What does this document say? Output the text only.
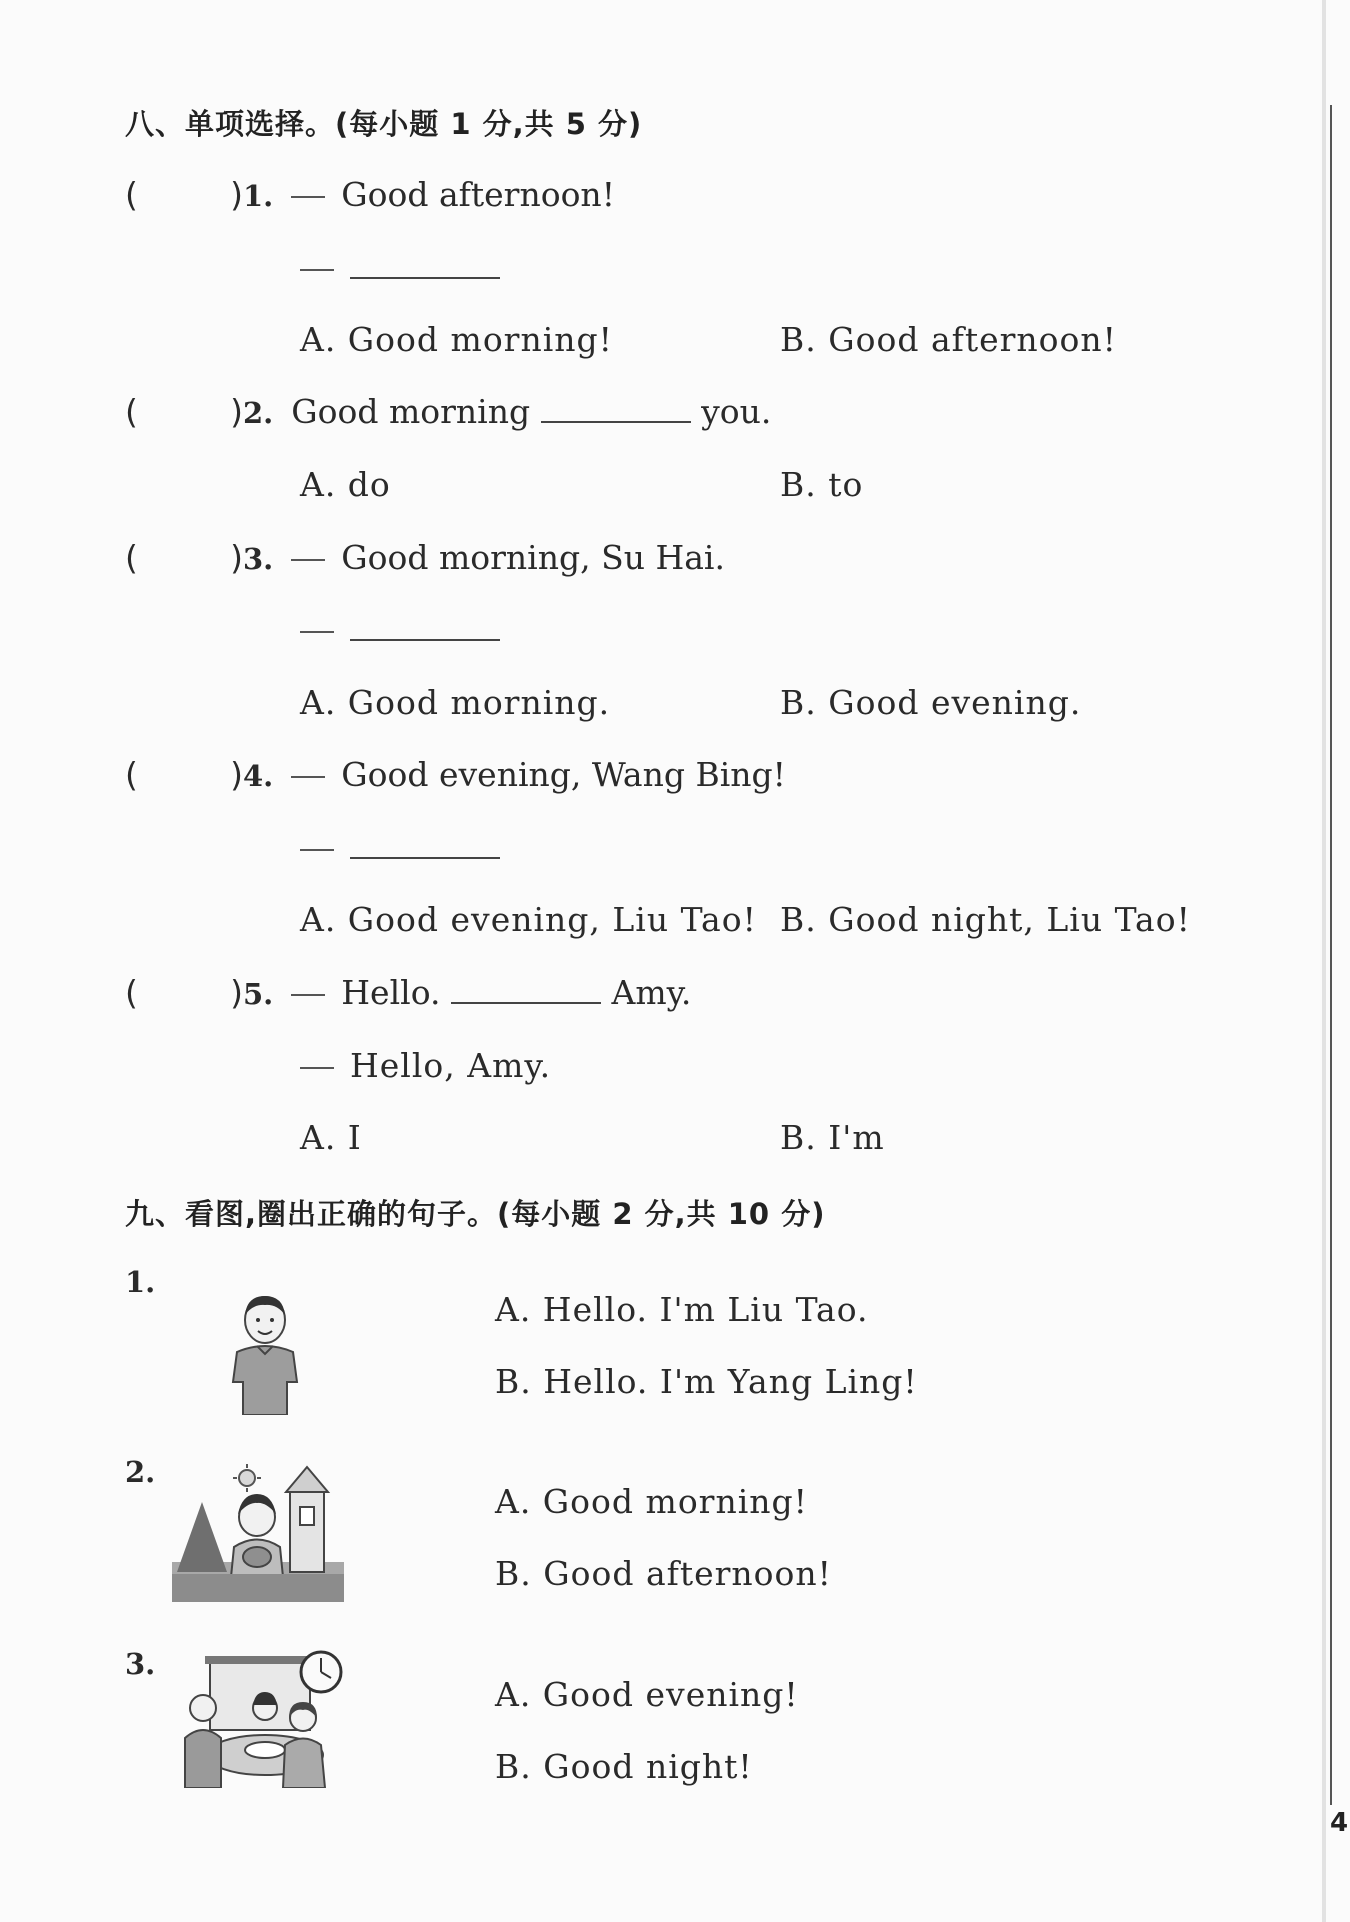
八、单项选择。(每小题 1 分,共 5 分)
(	) 1. Good afternoon!
A. Good morning!	B. Good afternoon!
(	) 2. Good morning	you.
A. do	B. to
(	) 3. Good morning, Su Hai.
A. Good morning.	B. Good evening.
(	) 4. Good evening, Wang Bing!
A. Good evening, Liu Tao! B. Good night, Liu Tao!
(	) 5. Hello.	Amy.
Hello, Amy.
A. I	B. I'm
九、看图,圈出正确的句子。(每小题 2 分,共 10 分)
1.
A. Hello. I'm Liu Tao.
B. Hello. I'm Yang Ling!
2.
A. Good morning!
B. Good afternoon!
3.
A. Good evening!
B. Good night!
4
